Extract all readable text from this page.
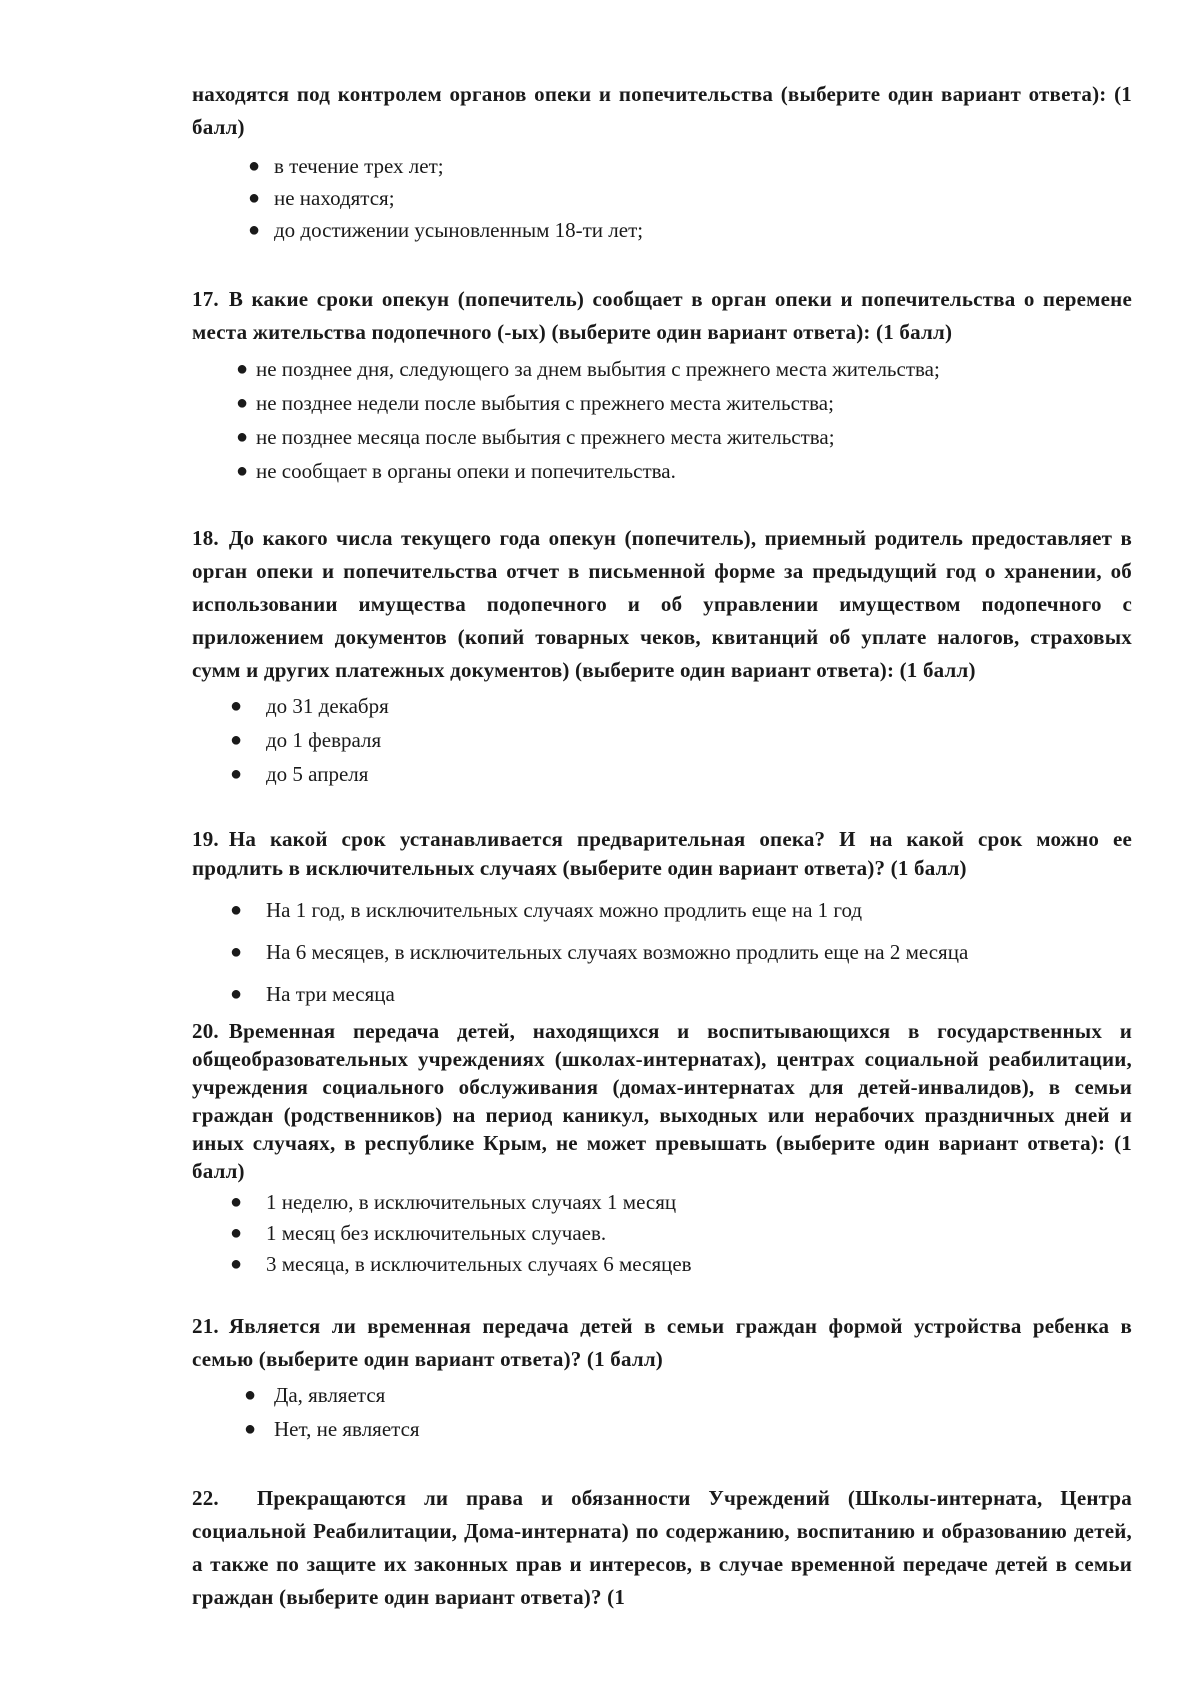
находятся под контролем органов опеки и попечительства (выберите один вариант ответа): (1 балл)

● в течение трех лет;
● не находятся;
● до достижении усыновленным 18-ти лет;

17. В какие сроки опекун (попечитель) сообщает в орган опеки и попечительства о перемене места жительства подопечного (-ых) (выберите один вариант ответа): (1 балл)

● не позднее дня, следующего за днем выбытия с прежнего места жительства;
● не позднее недели после выбытия с прежнего места жительства;
● не позднее месяца после выбытия с прежнего места жительства;
● не сообщает в органы опеки и попечительства.

18. До какого числа текущего года опекун (попечитель), приемный родитель предоставляет в орган опеки и попечительства отчет в письменной форме за предыдущий год о хранении, об использовании имущества подопечного и об управлении имуществом подопечного с приложением документов (копий товарных чеков, квитанций об уплате налогов, страховых сумм и других платежных документов) (выберите один вариант ответа): (1 балл)

● до 31 декабря
● до 1 февраля
● до 5 апреля

19. На какой срок устанавливается предварительная опека? И на какой срок можно ее продлить в исключительных случаях (выберите один вариант ответа)? (1 балл)

● На 1 год, в исключительных случаях можно продлить еще на 1 год
● На 6 месяцев, в исключительных случаях возможно продлить еще на 2 месяца
● На три месяца

20. Временная передача детей, находящихся и воспитывающихся в государственных и общеобразовательных учреждениях (школах-интернатах), центрах социальной реабилитации, учреждения социального обслуживания (домах-интернатах для детей-инвалидов), в семьи граждан (родственников) на период каникул, выходных или нерабочих праздничных дней и иных случаях, в республике Крым, не может превышать (выберите один вариант ответа): (1 балл)

● 1 неделю, в исключительных случаях 1 месяц
● 1 месяц без исключительных случаев.
● 3 месяца, в исключительных случаях 6 месяцев

21. Является ли временная передача детей в семьи граждан формой устройства ребенка в семью (выберите один вариант ответа)? (1 балл)

● Да, является
● Нет, не является

22. Прекращаются ли права и обязанности Учреждений (Школы-интерната, Центра социальной Реабилитации, Дома-интерната) по содержанию, воспитанию и образованию детей, а также по защите их законных прав и интересов, в случае временной передаче детей в семьи граждан (выберите один вариант ответа)? (1
